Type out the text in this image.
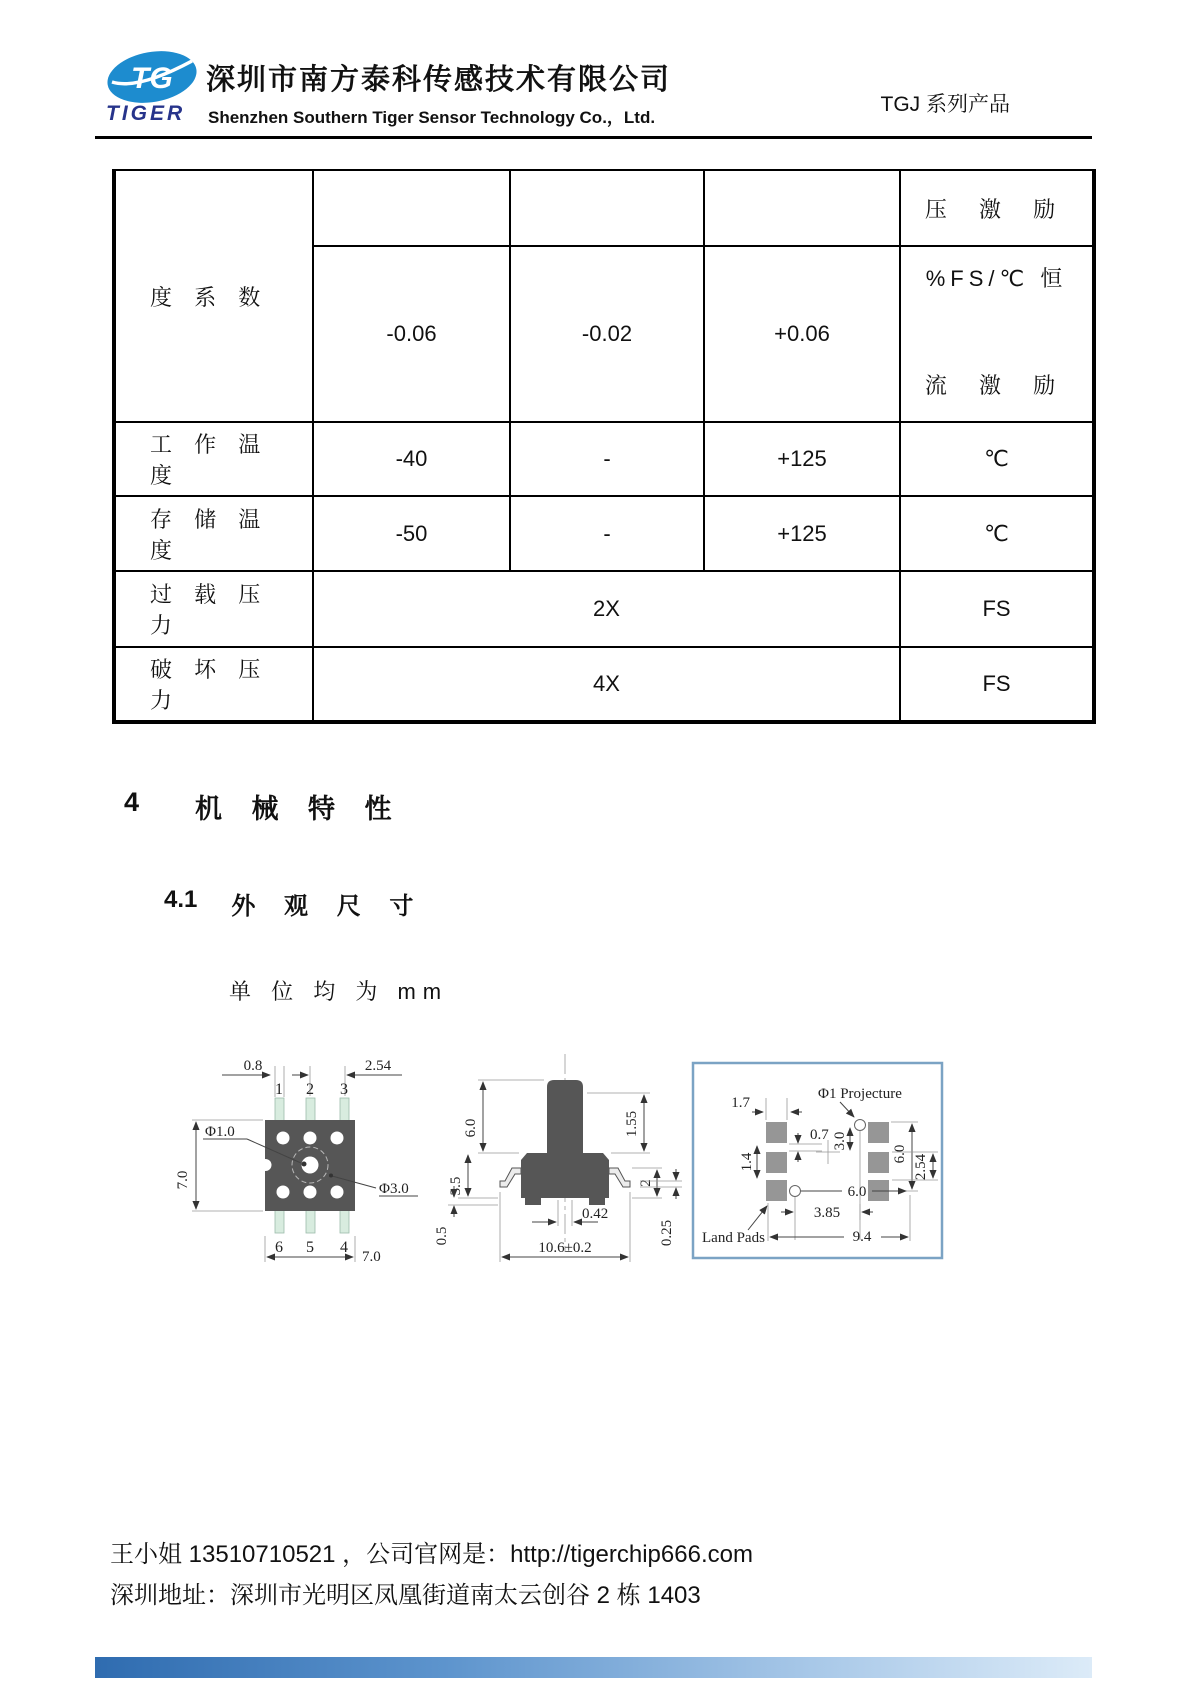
TG
TIGER
深圳市南方泰科传感技术有限公司
Shenzhen Southern Tiger Sensor Technology Co.，Ltd.
TGJ 系列产品
度 系 数				压 激 励
	-0.06	-0.02	+0.06	%FS/℃ 恒
流 激 励

工 作 温 度	-40	-	+125	℃
存 储 温 度	-50	-	+125	℃
过 载 压 力	2X			FS
破 坏 压 力	4X			FS
4 机 械 特 性
4.1 外 观 尺 寸
单 位 均 为 mm
0.8	2.54
1 2 3
Φ1.0
7.0	Φ3.0
6 5 4
7.0
6.0
3.5
0.5
1.55
2
0.25
0.42
10.6±0.2
Φ1 Projecture
1.7
0.7
1.4
3.0
6.0 2.54
6.0
3.85
9.4
Land Pads
王小姐 13510710521 ，公司官网是：http://tigerchip666.com
深圳地址：深圳市光明区凤凰街道南太云创谷 2 栋 1403
